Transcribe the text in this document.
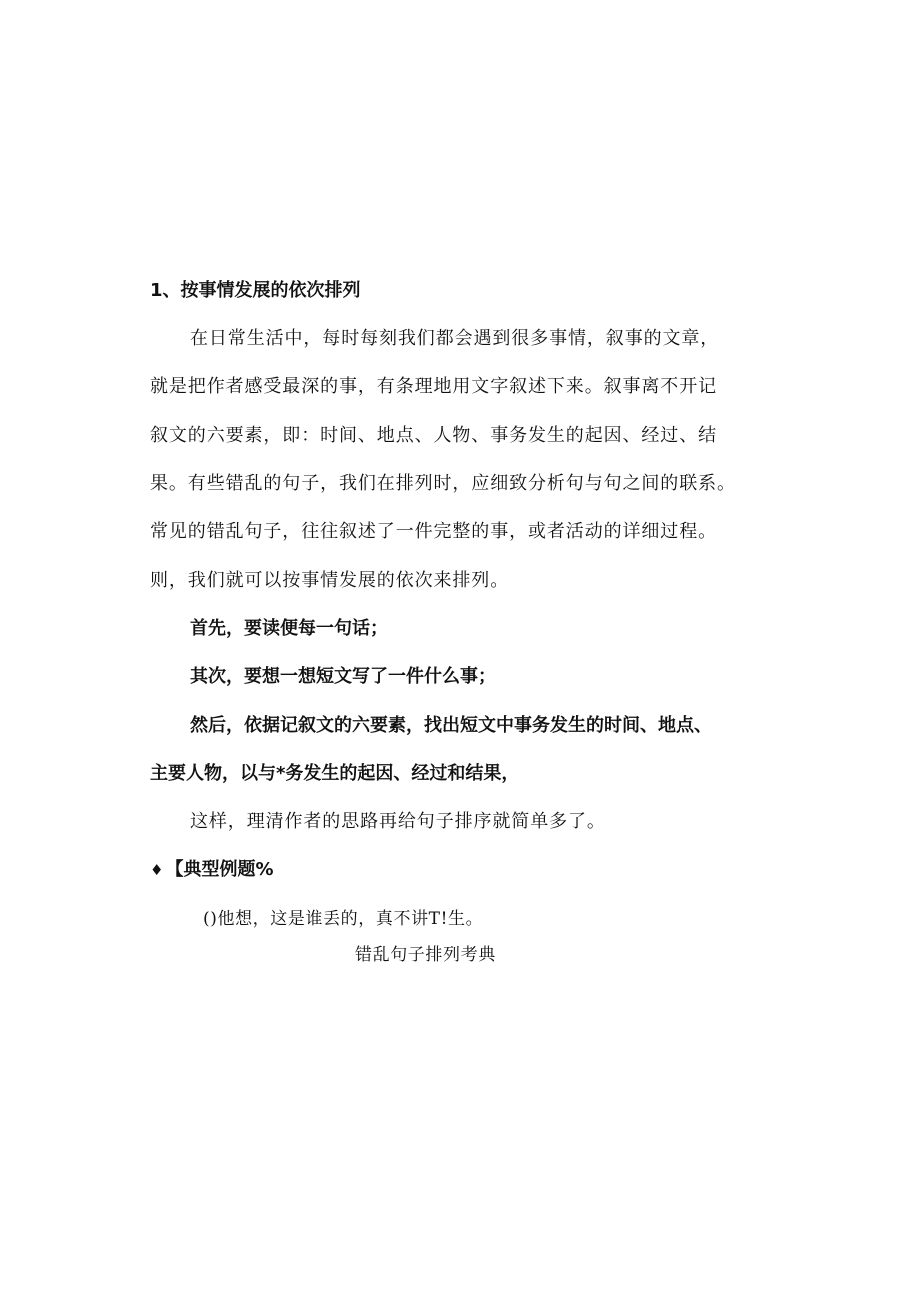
1、按事情发展的依次排列
在日常生活中，每时每刻我们都会遇到很多事情，叙事的文章，
就是把作者感受最深的事，有条理地用文字叙述下来。叙事离不开记
叙文的六要素，即：时间、地点、人物、事务发生的起因、经过、结
果。有些错乱的句子，我们在排列时，应细致分析句与句之间的联系。
常见的错乱句子，往往叙述了一件完整的事，或者活动的详细过程。
则，我们就可以按事情发展的依次来排列。
首先，要读便每一句话；
其次，要想一想短文写了一件什么事；
然后，依据记叙文的六要素，找出短文中事务发生的时间、地点、
主要人物，以与*务发生的起因、经过和结果，
这样，理清作者的思路再给句子排序就简单多了。
♦ 【典型例题%
()他想，这是谁丢的，真不讲T!生。
错乱句子排列考典
